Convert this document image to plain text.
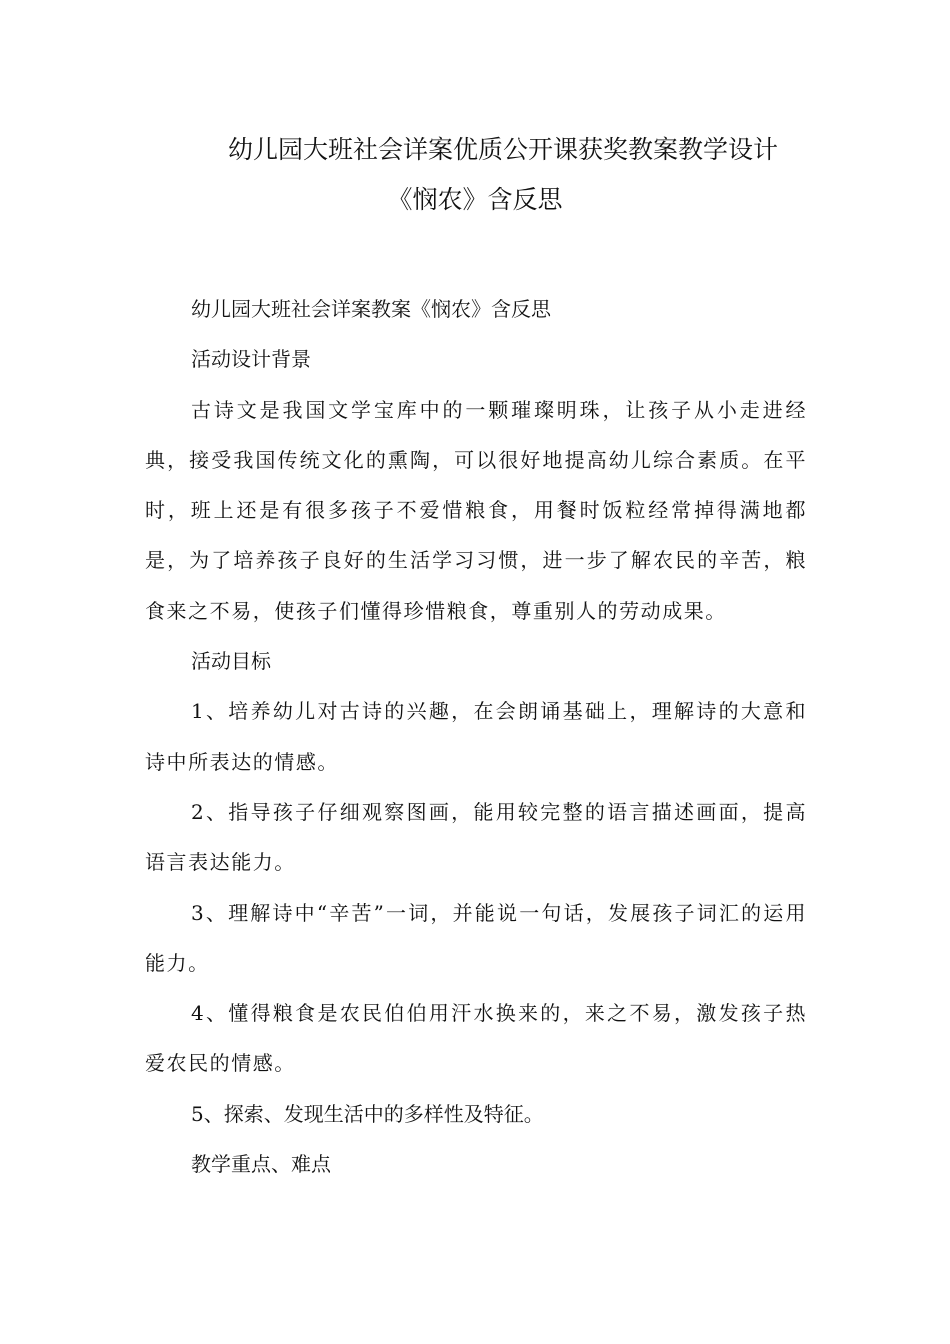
幼儿园大班社会详案优质公开课获奖教案教学设计
《悯农》含反思

幼儿园大班社会详案教案《悯农》含反思

活动设计背景

古诗文是我国文学宝库中的一颗璀璨明珠，让孩子从小走进经典，接受我国传统文化的熏陶，可以很好地提高幼儿综合素质。在平时，班上还是有很多孩子不爱惜粮食，用餐时饭粒经常掉得满地都是，为了培养孩子良好的生活学习习惯，进一步了解农民的辛苦，粮食来之不易，使孩子们懂得珍惜粮食，尊重别人的劳动成果。

活动目标

1、培养幼儿对古诗的兴趣，在会朗诵基础上，理解诗的大意和诗中所表达的情感。

2、指导孩子仔细观察图画，能用较完整的语言描述画面，提高语言表达能力。

3、理解诗中“辛苦”一词，并能说一句话，发展孩子词汇的运用能力。

4、懂得粮食是农民伯伯用汗水换来的，来之不易，激发孩子热爱农民的情感。

5、探索、发现生活中的多样性及特征。

教学重点、难点
